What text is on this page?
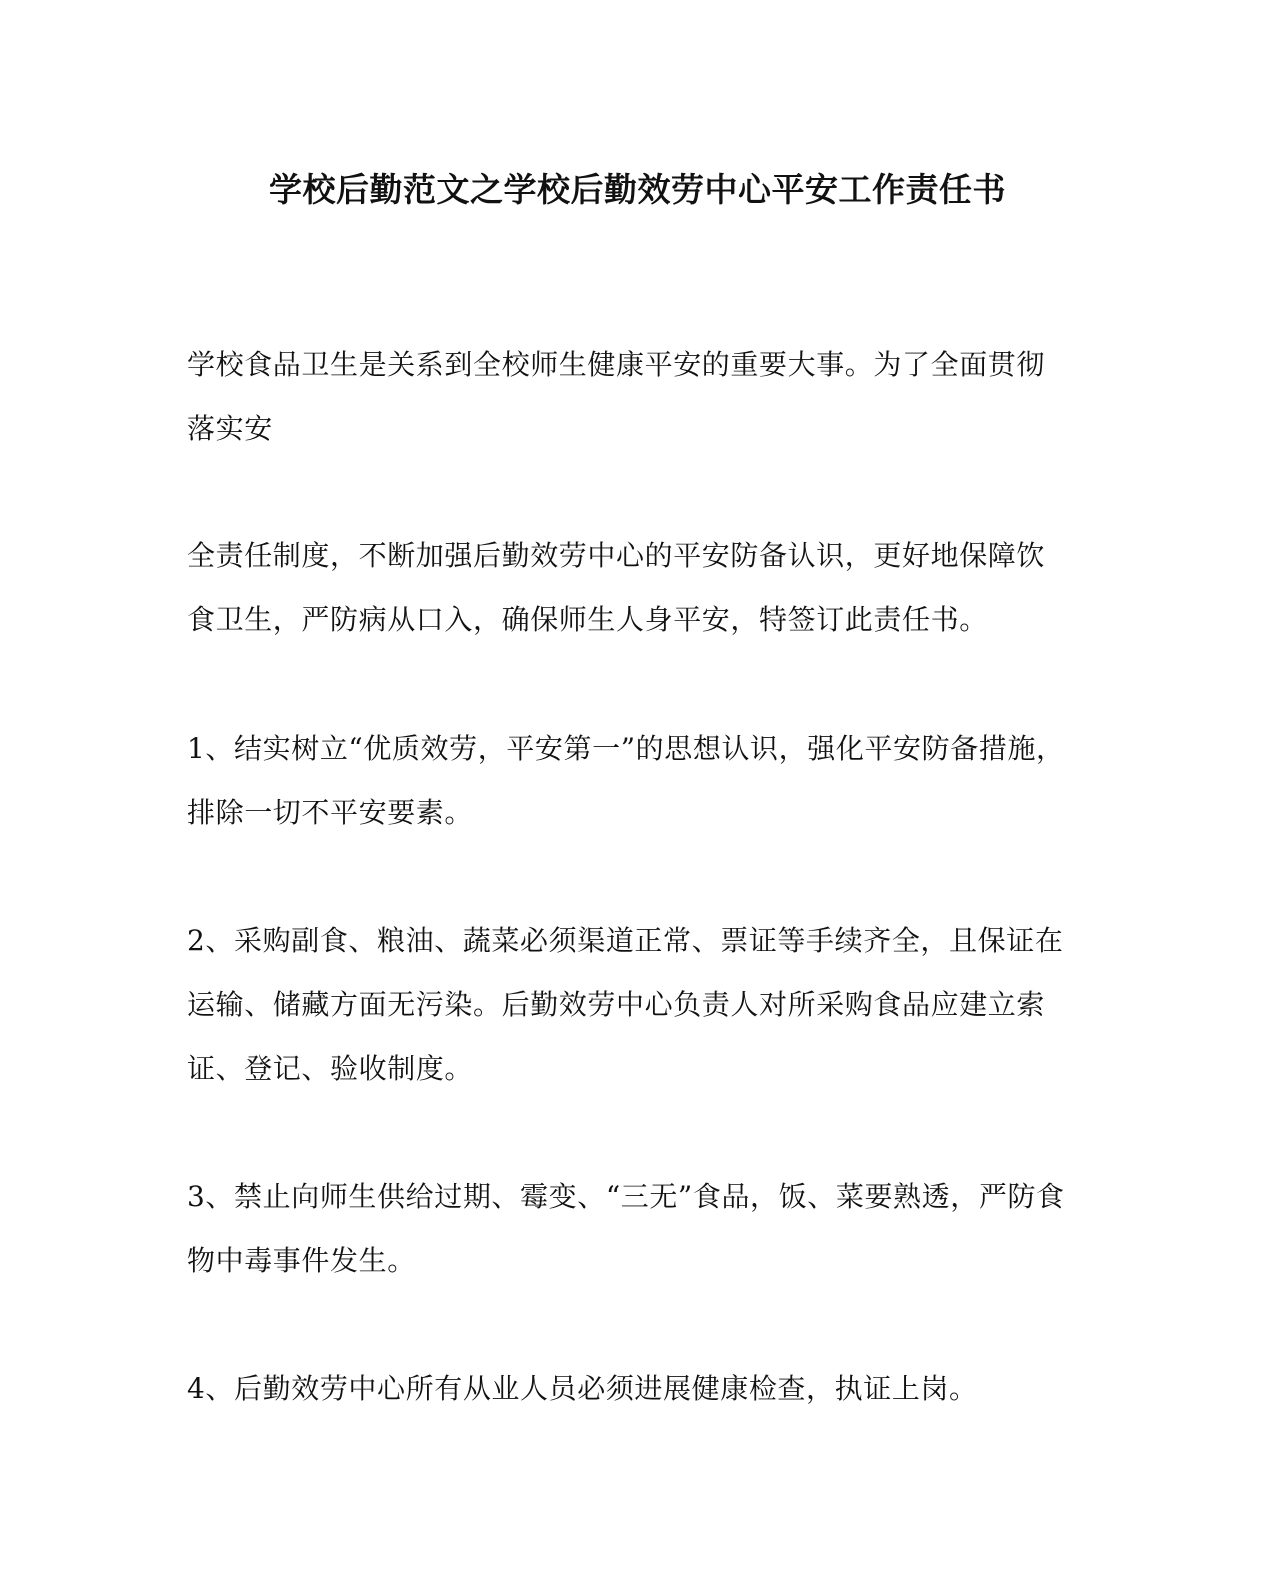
学校后勤范文之学校后勤效劳中心平安工作责任书
学校食品卫生是关系到全校师生健康平安的重要大事。为了全面贯彻
落实安
全责任制度，不断加强后勤效劳中心的平安防备认识，更好地保障饮
食卫生，严防病从口入，确保师生人身平安，特签订此责任书。
1、结实树立“优质效劳，平安第一”的思想认识，强化平安防备措施，
排除一切不平安要素。
2、采购副食、粮油、蔬菜必须渠道正常、票证等手续齐全，且保证在
运输、储藏方面无污染。后勤效劳中心负责人对所采购食品应建立索
证、登记、验收制度。
3、禁止向师生供给过期、霉变、“三无”食品，饭、菜要熟透，严防食
物中毒事件发生。
4、后勤效劳中心所有从业人员必须进展健康检查，执证上岗。
